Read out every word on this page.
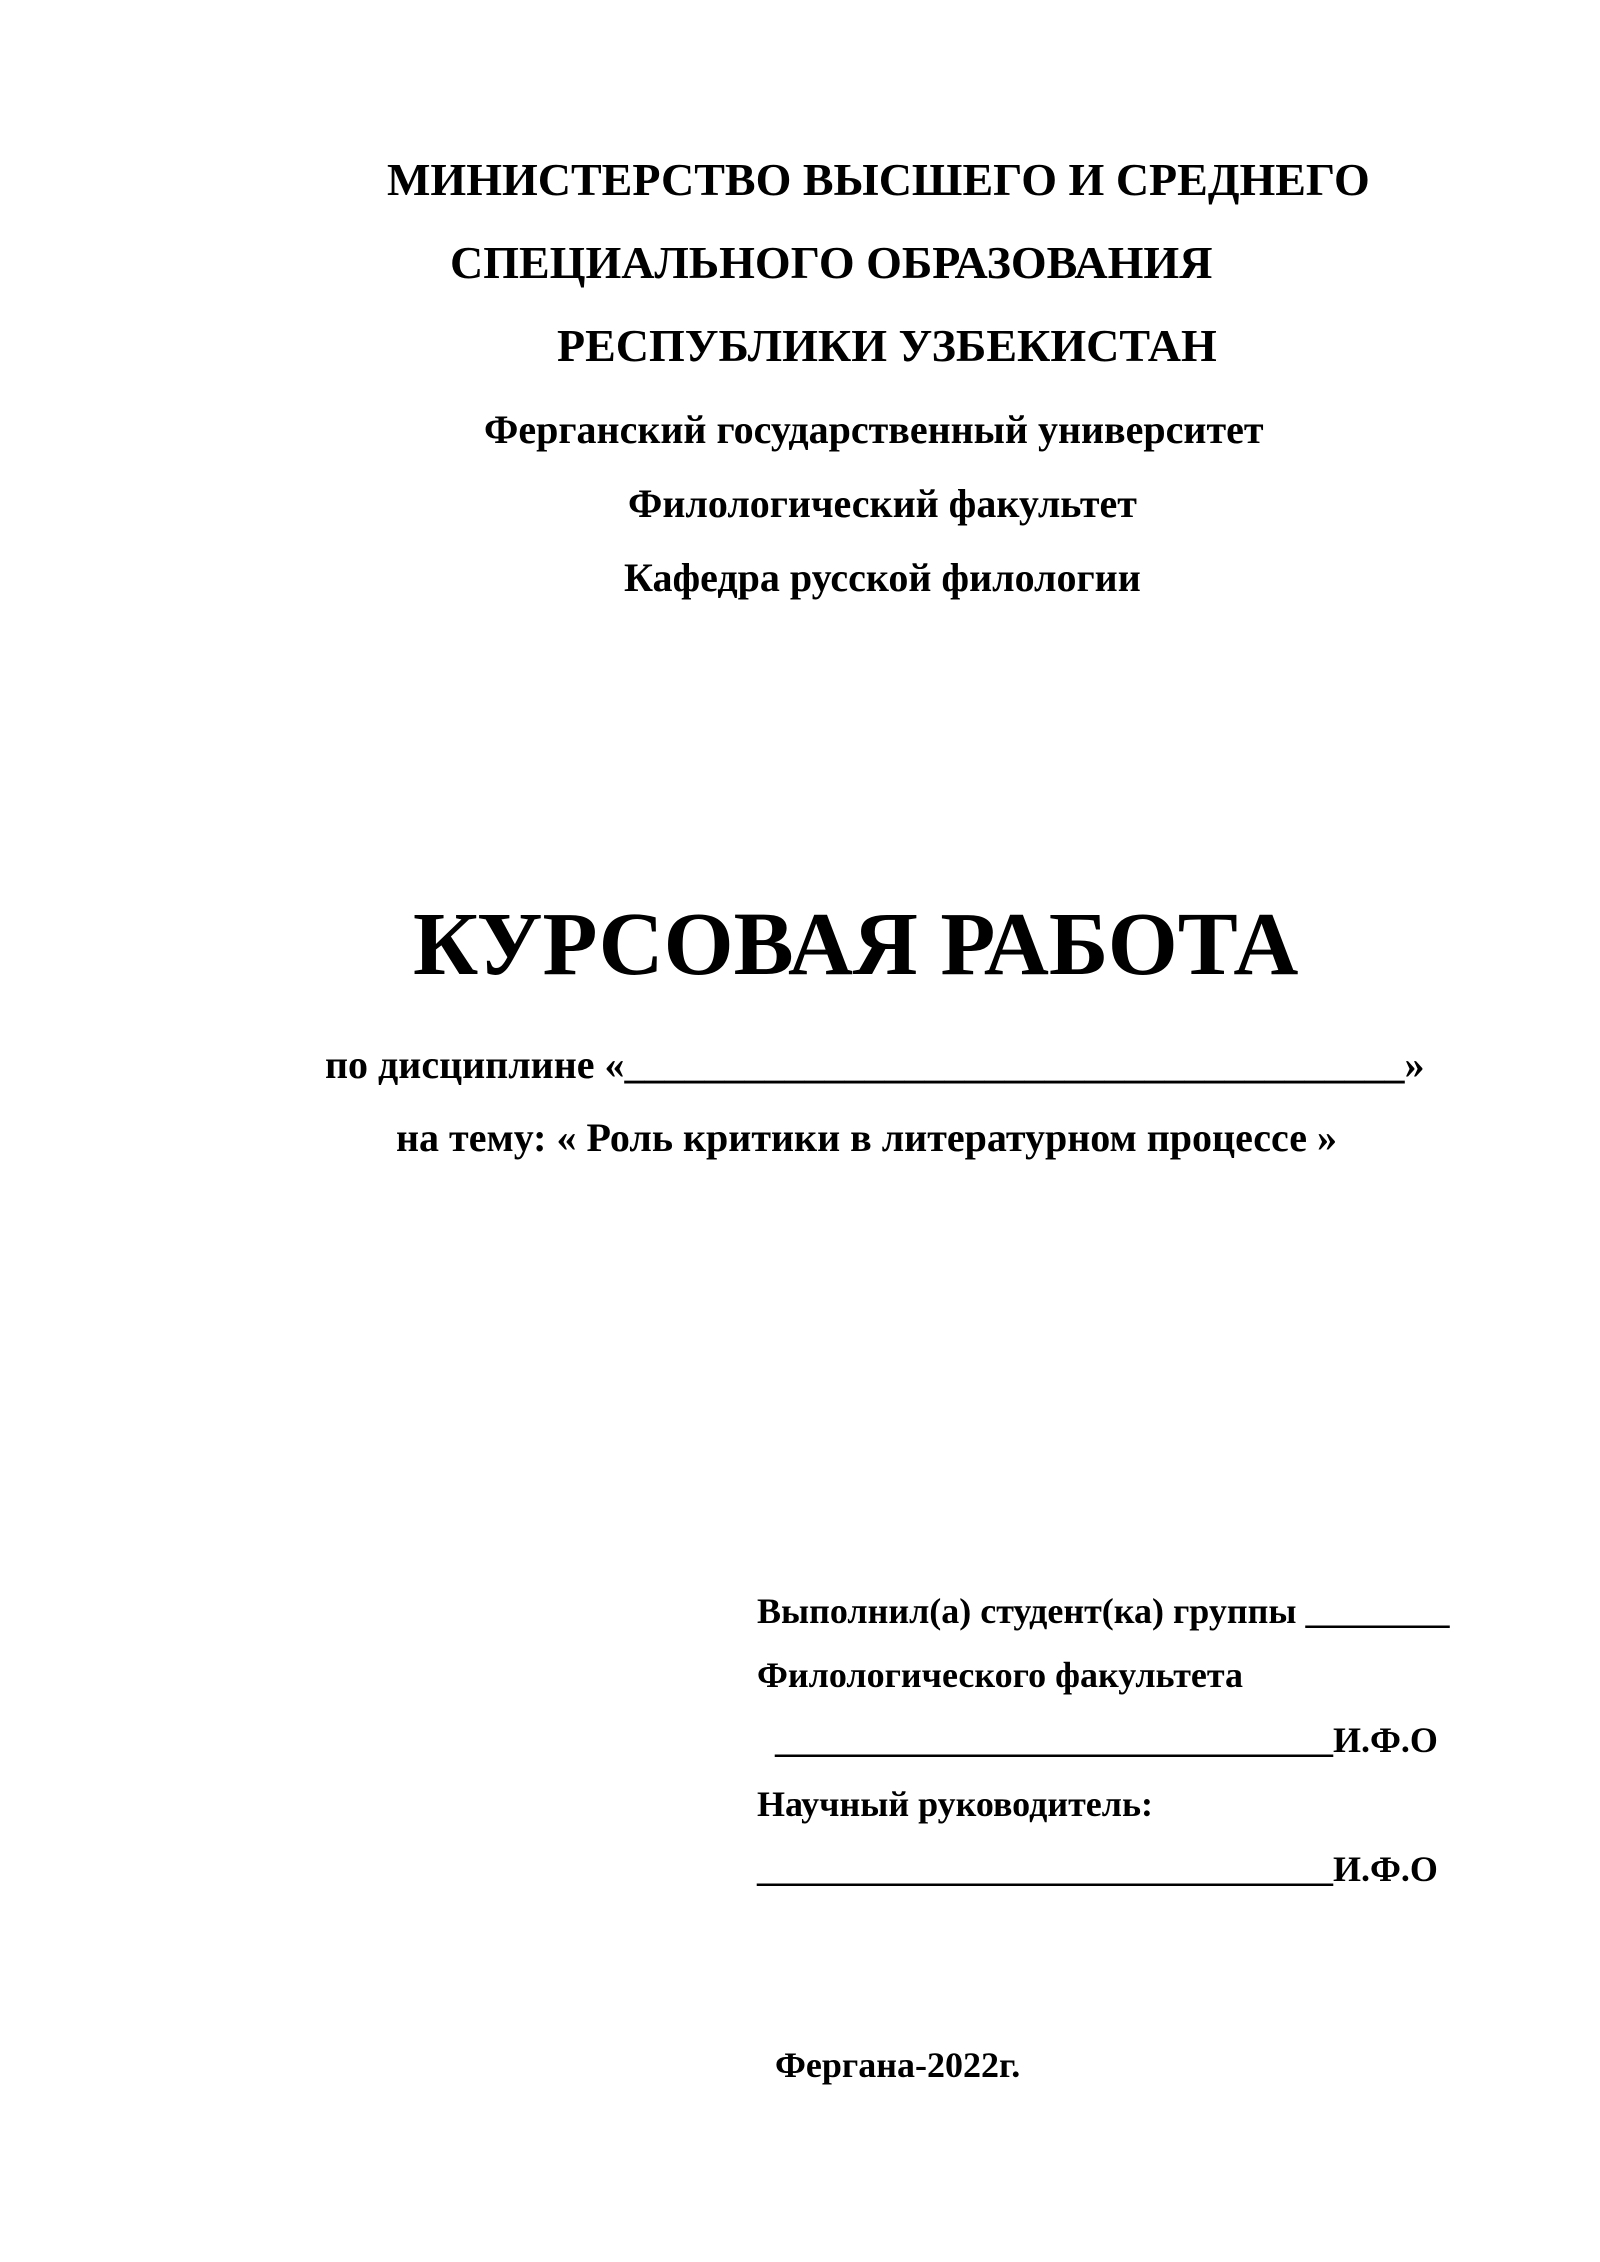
МИНИСТЕРСТВО ВЫСШЕГО И СРЕДНЕГО
СПЕЦИАЛЬНОГО ОБРАЗОВАНИЯ
РЕСПУБЛИКИ УЗБЕКИСТАН
Ферганский государственный университет
Филологический факультет
Кафедра русской филологии
КУРСОВАЯ РАБОТА
по дисциплине «_______________________________________»
на тему: « Роль критики в литературном процессе »
Выполнил(а) студент(ка) группы ________
Филологического факультета
_______________________________И.Ф.О
Научный руководитель:
________________________________И.Ф.О
Фергана-2022г.
